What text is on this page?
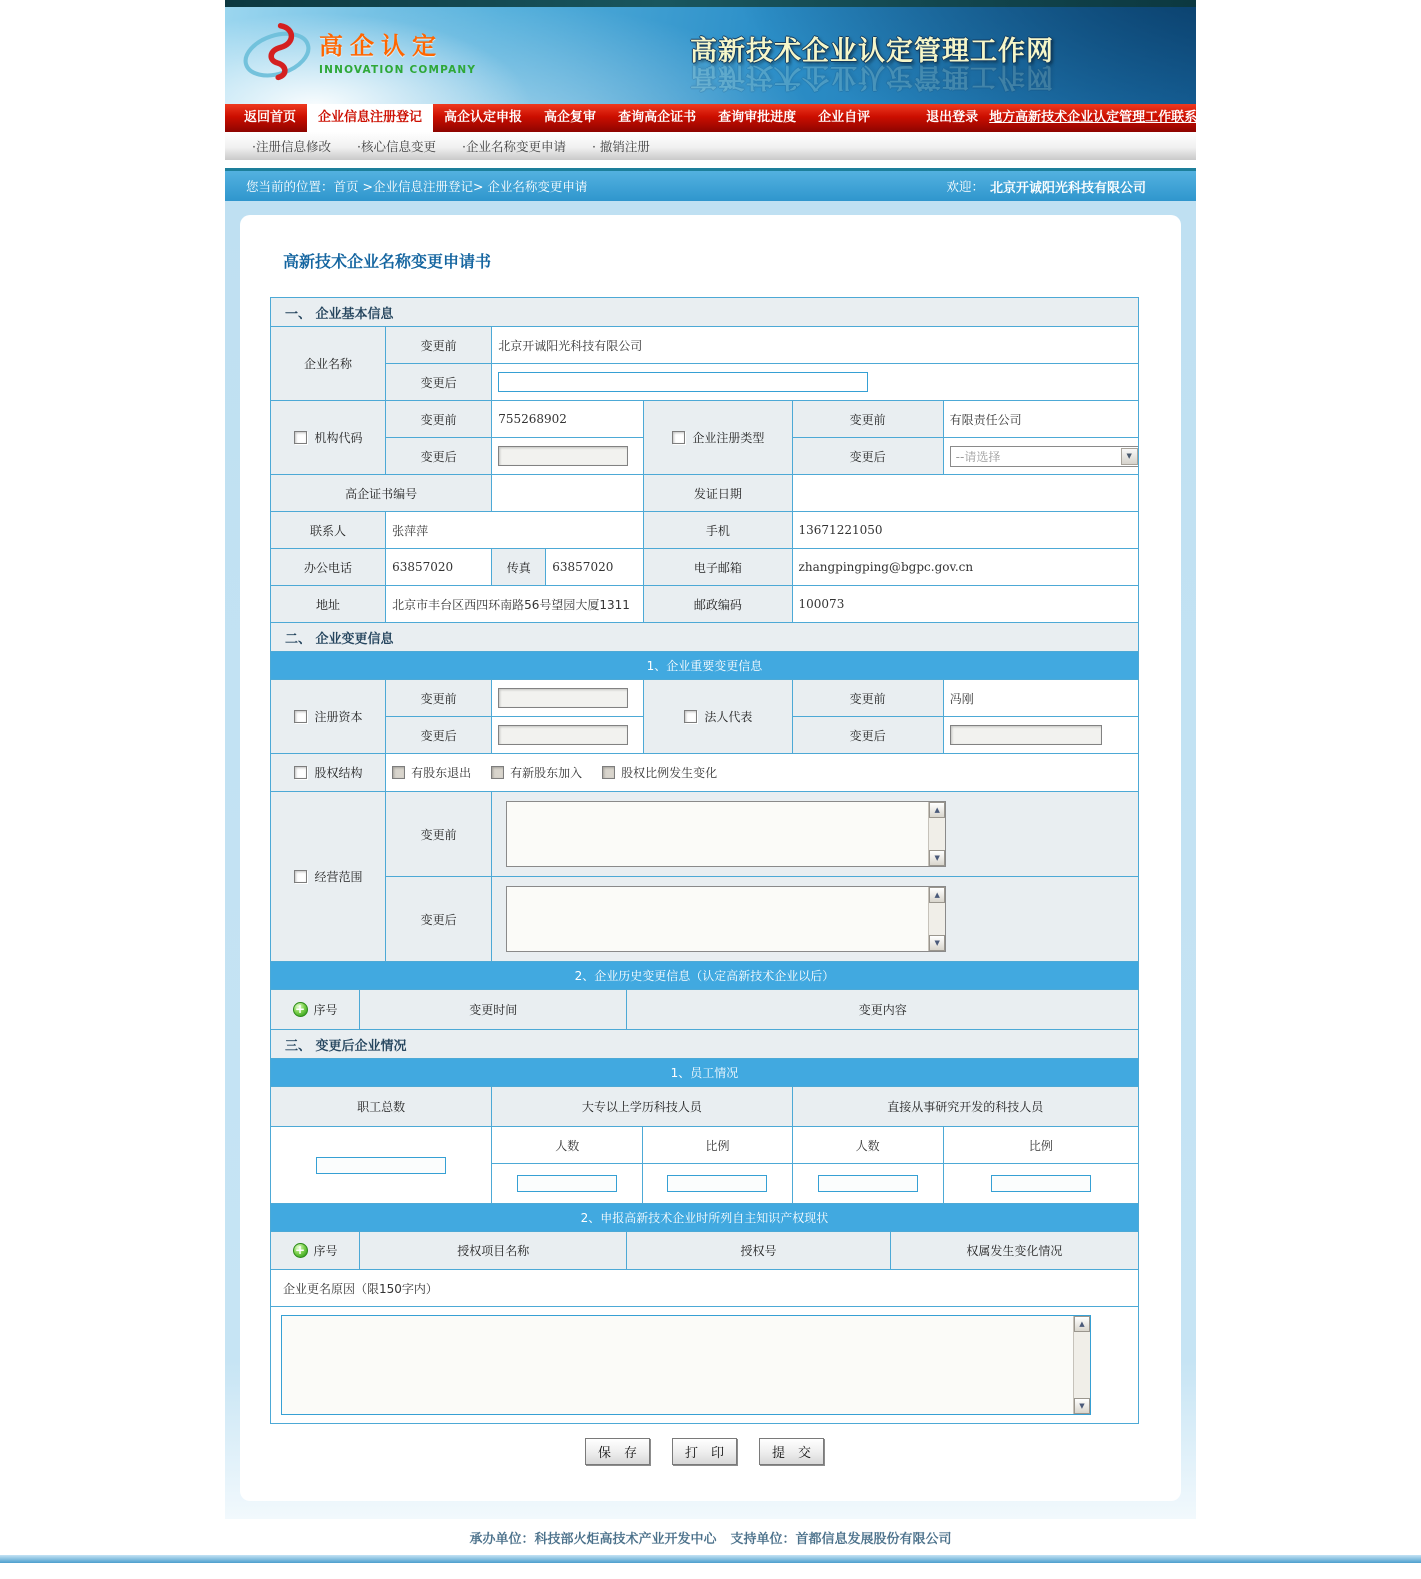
高企认定
INNOVATION COMPANY
高新技术企业认定管理工作网
高新技术企业认定管理工作网
返回首页	企业信息注册登记	高企认定申报	高企复审	查询高企证书	查询审批进度	企业自评	退出登录 地方高新技术企业认定管理工作联系方式
·注册信息修改	·核心信息变更	·企业名称变更申请	· 撤销注册
您当前的位置：首页 >企业信息注册登记> 企业名称变更申请	欢迎： 北京开诚阳光科技有限公司
高新技术企业名称变更申请书
一、 企业基本信息
企业名称	变更前	北京开诚阳光科技有限公司				
	变更后	
机构代码	变更前	755268902		企业注册类型	变更前	有限责任公司
	变更后				变更后	--请选择
▼

高企证书编号				发证日期		
联系人	张萍萍			手机	13671221050	
办公电话	63857020	传真	63857020	电子邮箱	zhangpingping@bgpc.gov.cn	
地址	北京市丰台区西四环南路56号望园大厦1311			邮政编码	100073	
二、 企业变更信息
1、企业重要变更信息
注册资本	变更前		法人代表	变更前	冯刚
	变更后			变更后	
股权结构	有股东退出 有新股东加入 股权比例发生变化				

经营范围	变更前	
▲
▼

	变更后	
▲
▼
2、企业历史变更信息（认定高新技术企业以后）
+
序号	变更时间	变更内容
三、 变更后企业情况
1、员工情况
职工总数	大专以上学历科技人员		直接从事研究开发的科技人员	
	人数	比例	人数	比例

2、申报高新技术企业时所列自主知识产权现状
+
序号	授权项目名称	授权号	权属发生变化情况
企业更名原因（限150字内）
▲
▼
保　存	打　印	提　交
承办单位：科技部火炬高技术产业开发中心 支持单位：首都信息发展股份有限公司
